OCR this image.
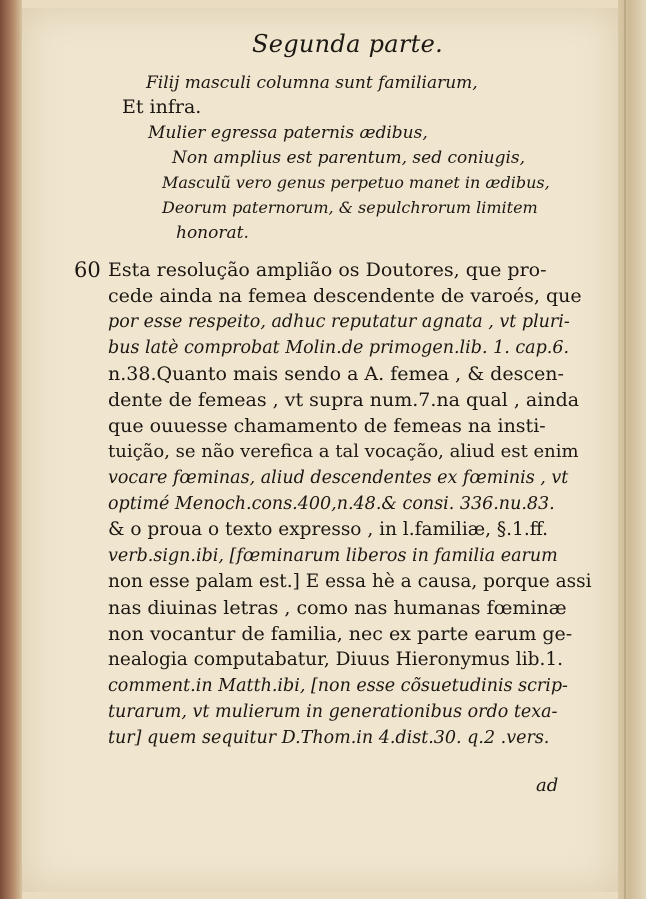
Segunda parte.
Filij masculi columna sunt familiarum,
Et infra.
Mulier egressa paternis ædibus,
Non amplius est parentum, sed coniugis,
Masculũ vero genus perpetuo manet in ædibus,
Deorum paternorum, & sepulchrorum limitem
honorat.
60 Esta resolução amplião os Doutores, que pro-
cede ainda na femea descendente de varoés, que
por esse respeito, adhuc reputatur agnata , vt pluri-
bus latè comprobat Molin.de primogen.lib. 1. cap.6.
n.38.Quanto mais sendo a A. femea , & descen-
dente de femeas , vt supra num.7.na qual , ainda
que ouuesse chamamento de femeas na insti-
tuição, se não verefica a tal vocação, aliud est enim
vocare fœminas, aliud descendentes ex fœminis , vt
optimé Menoch.cons.400,n.48.& consi. 336.nu.83.
& o proua o texto expresso , in l.familiæ, §.1.ff.
verb.sign.ibi, [fœminarum liberos in familia earum
non esse palam est.] E essa hè a causa, porque assi
nas diuinas letras , como nas humanas fœminæ
non vocantur de familia, nec ex parte earum ge-
nealogia computabatur, Diuus Hieronymus lib.1.
comment.in Matth.ibi, [non esse cõsuetudinis scrip-
turarum, vt mulierum in generationibus ordo texa-
tur] quem sequitur D.Thom.in 4.dist.30. q.2 .vers.
ad
